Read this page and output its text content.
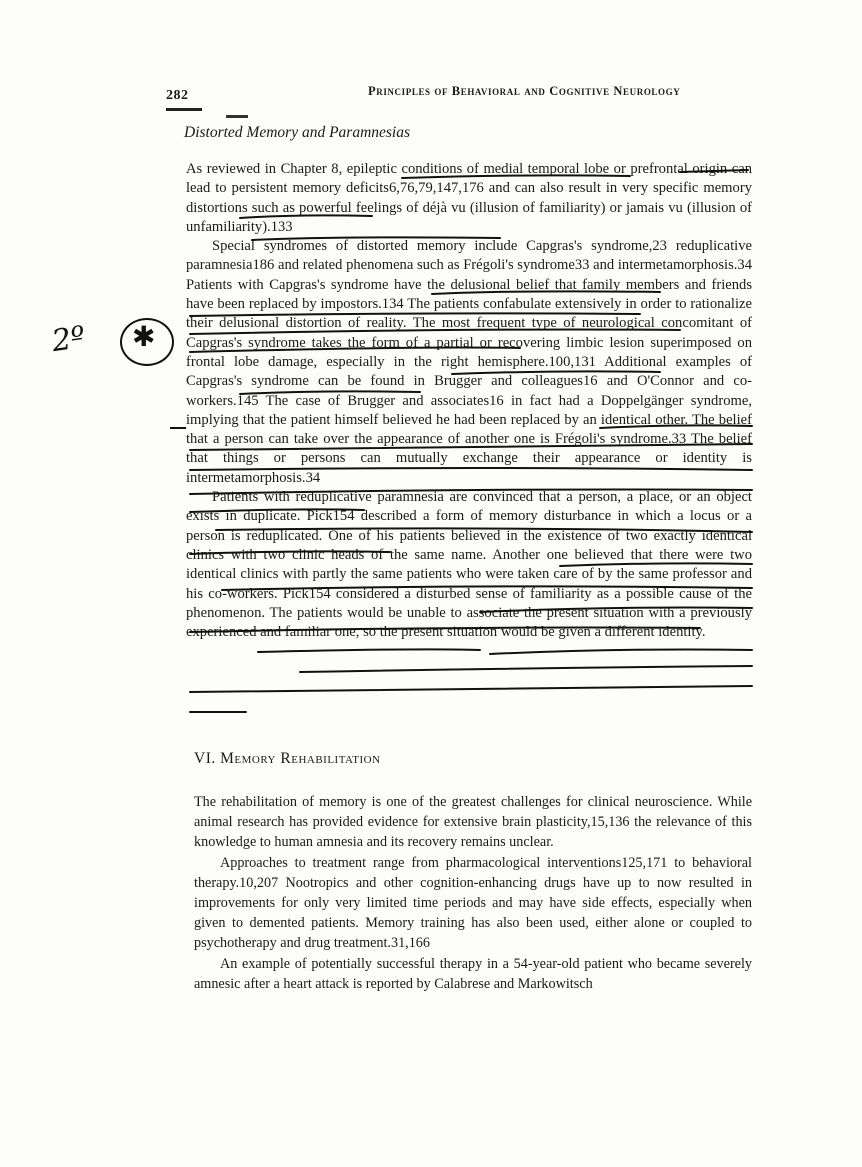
282	Principles of Behavioral and Cognitive Neurology
Distorted Memory and Paramnesias

As reviewed in Chapter 8, epileptic conditions of medial temporal lobe or prefrontal origin can lead to persistent memory deficits6,76,79,147,176 and can also result in very specific memory distortions such as powerful feelings of déjà vu (illusion of familiarity) or jamais vu (illusion of unfamiliarity).133

Special syndromes of distorted memory include Capgras's syndrome,23 reduplicative paramnesia186 and related phenomena such as Frégoli's syndrome33 and intermetamorphosis.34 Patients with Capgras's syndrome have the delusional belief that family members and friends have been replaced by impostors.134 The patients confabulate extensively in order to rationalize their delusional distortion of reality. The most frequent type of neurological concomitant of Capgras's syndrome takes the form of a partial or recovering limbic lesion superimposed on frontal lobe damage, especially in the right hemisphere.100,131 Additional examples of Capgras's syndrome can be found in Brugger and colleagues16 and O'Connor and co-workers.145 The case of Brugger and associates16 in fact had a Doppelgänger syndrome, implying that the patient himself believed he had been replaced by an identical other. The belief that a person can take over the appearance of another one is Frégoli's syndrome.33 The belief that things or persons can mutually exchange their appearance or identity is intermetamorphosis.34

Patients with reduplicative paramnesia are convinced that a person, a place, or an object exists in duplicate. Pick154 described a form of memory disturbance in which a locus or a person is reduplicated. One of his patients believed in the existence of two exactly identical clinics with two clinic heads of the same name. Another one believed that there were two identical clinics with partly the same patients who were taken care of by the same professor and his co-workers. Pick154 considered a disturbed sense of familiarity as a possible cause of the phenomenon. The patients would be unable to associate the present situation with a previously experienced and familiar one, so the present situation would be given a different identity.

2º ✱
VI. Memory Rehabilitation

The rehabilitation of memory is one of the greatest challenges for clinical neuroscience. While animal research has provided evidence for extensive brain plasticity,15,136 the relevance of this knowledge to human amnesia and its recovery remains unclear.

Approaches to treatment range from pharmacological interventions125,171 to behavioral therapy.10,207 Nootropics and other cognition-enhancing drugs have up to now resulted in improvements for only very limited time periods and may have side effects, especially when given to demented patients. Memory training has also been used, either alone or coupled to psychotherapy and drug treatment.31,166

An example of potentially successful therapy in a 54-year-old patient who became severely amnesic after a heart attack is reported by Calabrese and Markowitsch
